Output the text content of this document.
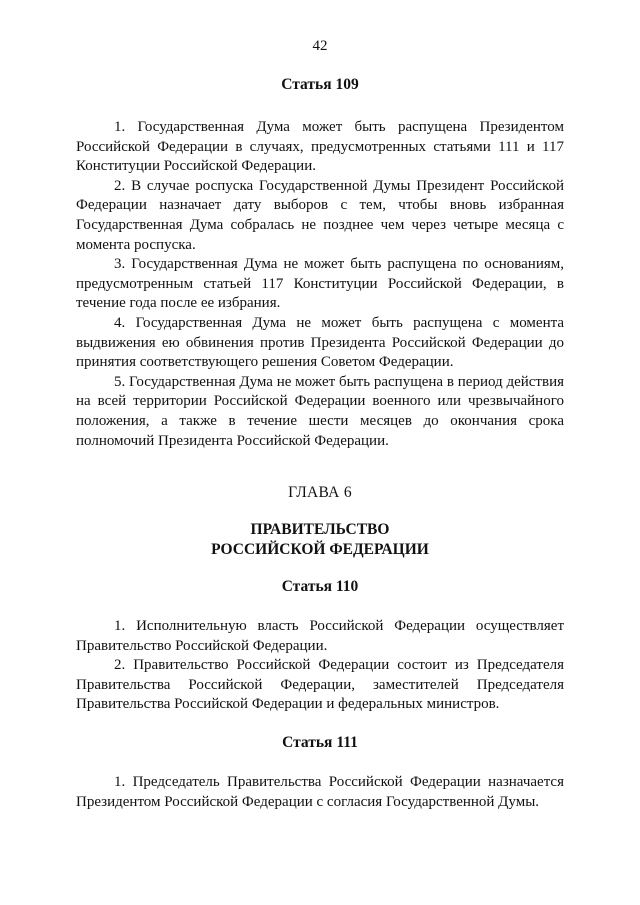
42
Статья 109

1. Государственная Дума может быть распущена Президентом Российской Федерации в случаях, предусмотренных статьями 111 и 117 Конституции Российской Федерации.

2. В случае роспуска Государственной Думы Президент Российской Федерации назначает дату выборов с тем, чтобы вновь избранная Государственная Дума собралась не позднее чем через четыре месяца с момента роспуска.

3. Государственная Дума не может быть распущена по основаниям, предусмотренным статьей 117 Конституции Российской Федерации, в течение года после ее избрания.

4. Государственная Дума не может быть распущена с момента выдвижения ею обвинения против Президента Российской Федерации до принятия соответствующего решения Советом Федерации.

5. Государственная Дума не может быть распущена в период действия на всей территории Российской Федерации военного или чрезвычайного положения, а также в течение шести месяцев до окончания срока полномочий Президента Российской Федерации.

ГЛАВА 6
ПРАВИТЕЛЬСТВО
РОССИЙСКОЙ ФЕДЕРАЦИИ
Статья 110

1. Исполнительную власть Российской Федерации осуществляет Правительство Российской Федерации.

2. Правительство Российской Федерации состоит из Председателя Правительства Российской Федерации, заместителей Председателя Правительства Российской Федерации и федеральных министров.

Статья 111

1. Председатель Правительства Российской Федерации назначается Президентом Российской Федерации с согласия Государственной Думы.
